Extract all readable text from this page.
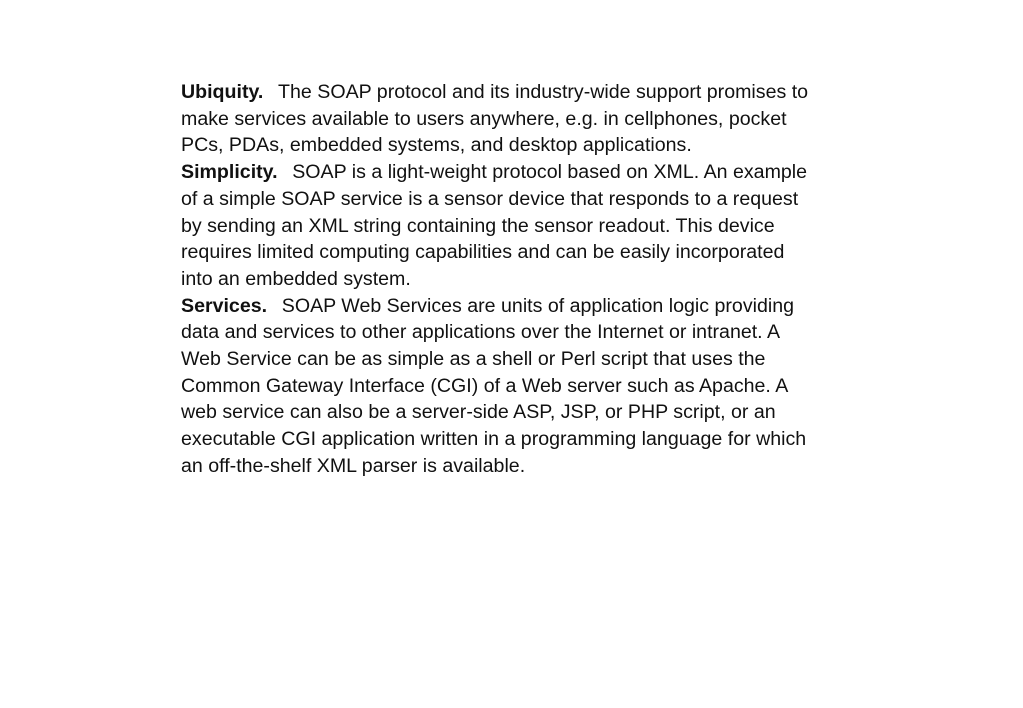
Ubiquity. The SOAP protocol and its industry-wide support promises to make services available to users anywhere, e.g. in cellphones, pocket PCs, PDAs, embedded systems, and desktop applications.

Simplicity. SOAP is a light-weight protocol based on XML. An example of a simple SOAP service is a sensor device that responds to a request by sending an XML string containing the sensor readout. This device requires limited computing capabilities and can be easily incorporated into an embedded system.

Services. SOAP Web Services are units of application logic providing data and services to other applications over the Internet or intranet. A Web Service can be as simple as a shell or Perl script that uses the Common Gateway Interface (CGI) of a Web server such as Apache. A web service can also be a server-side ASP, JSP, or PHP script, or an executable CGI application written in a programming language for which an off-the-shelf XML parser is available.
